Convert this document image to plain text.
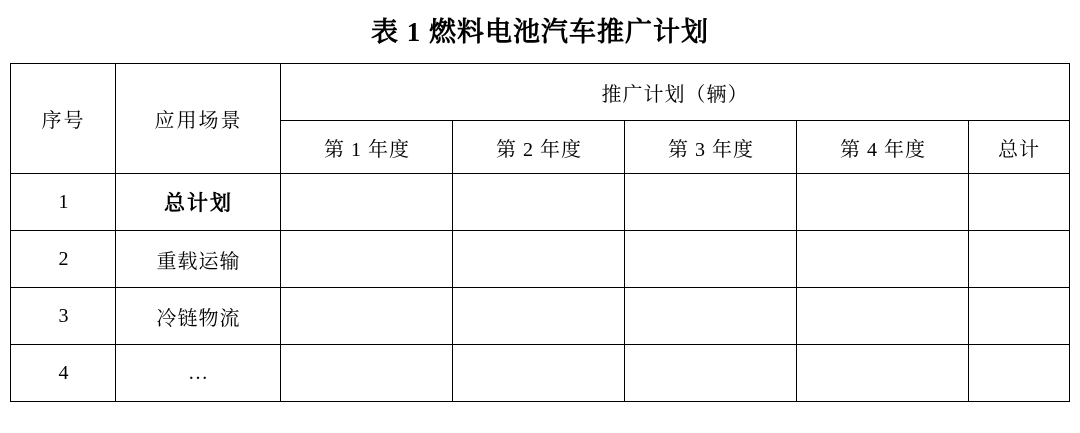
表 1 燃料电池汽车推广计划
序号	应用场景	推广计划（辆）				
		第 1 年度	第 2 年度	第 3 年度	第 4 年度	总计
1	总计划					
2	重载运输					
3	冷链物流					
4	…					
